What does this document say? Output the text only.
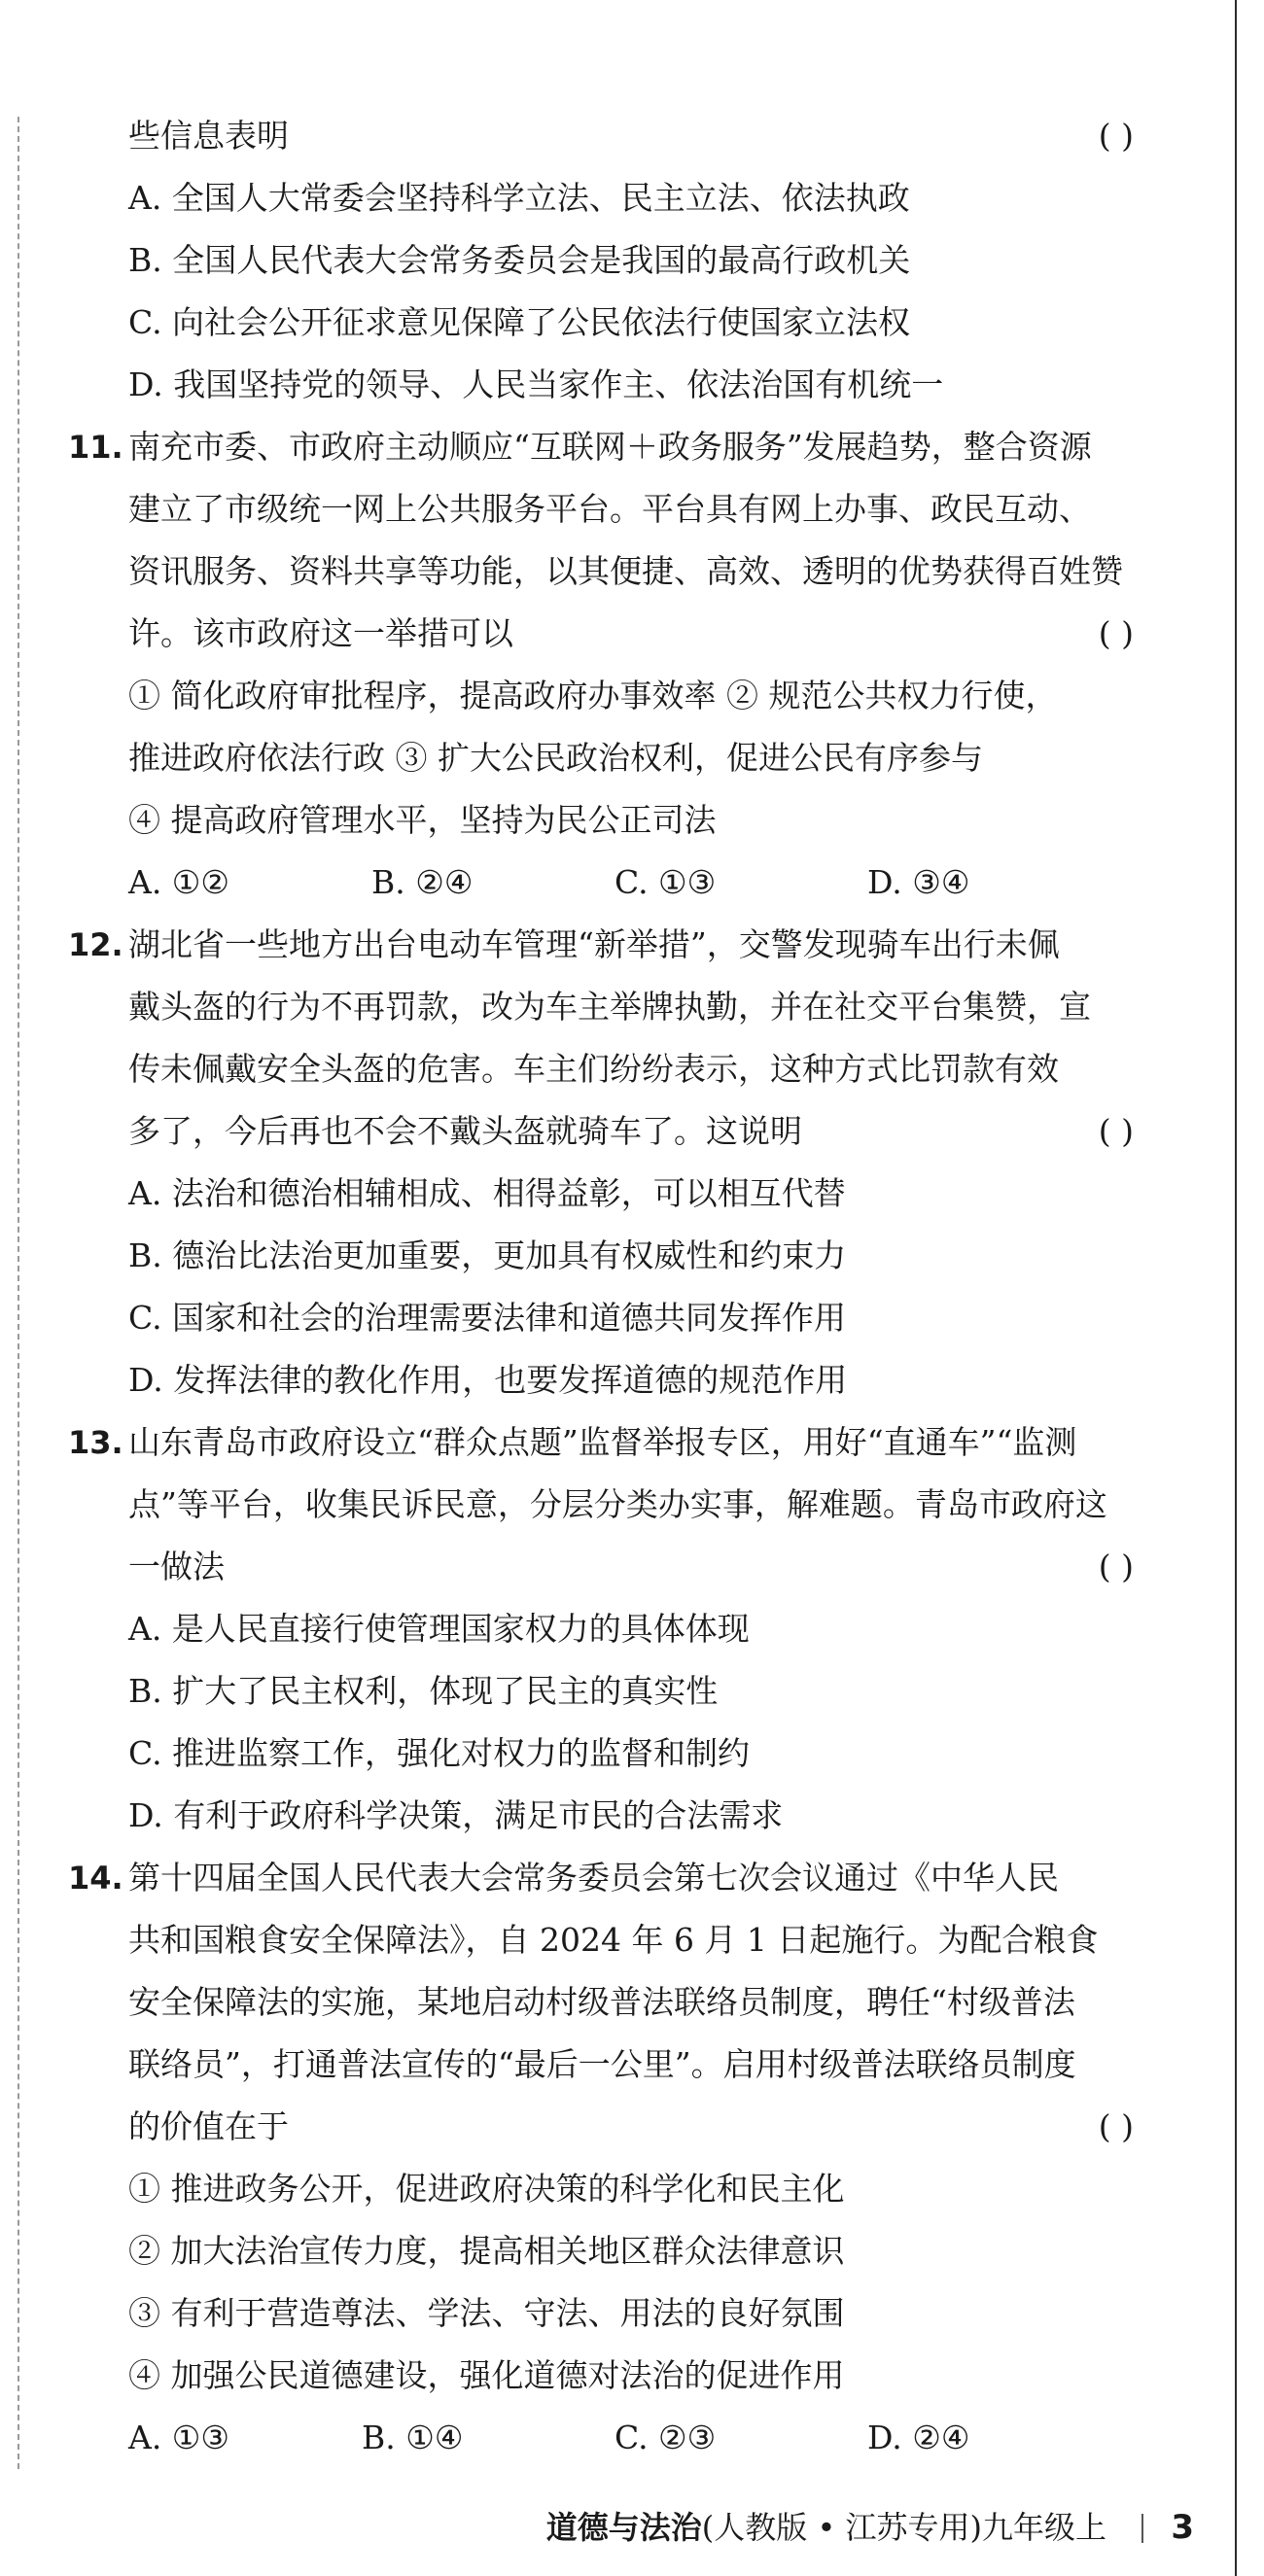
些信息表明	( )
A. 全国人大常委会坚持科学立法、民主立法、依法执政
B. 全国人民代表大会常务委员会是我国的最高行政机关
C. 向社会公开征求意见保障了公民依法行使国家立法权
D. 我国坚持党的领导、人民当家作主、依法治国有机统一
11. 南充市委、市政府主动顺应“互联网＋政务服务”发展趋势，整合资源
建立了市级统一网上公共服务平台。平台具有网上办事、政民互动、
资讯服务、资料共享等功能，以其便捷、高效、透明的优势获得百姓赞
许。该市政府这一举措可以	( )
① 简化政府审批程序，提高政府办事效率 ② 规范公共权力行使，
推进政府依法行政 ③ 扩大公民政治权利，促进公民有序参与
④ 提高政府管理水平，坚持为民公正司法
A. ①②	B. ②④	C. ①③	D. ③④
12. 湖北省一些地方出台电动车管理“新举措”，交警发现骑车出行未佩
戴头盔的行为不再罚款，改为车主举牌执勤，并在社交平台集赞，宣
传未佩戴安全头盔的危害。车主们纷纷表示，这种方式比罚款有效
多了，今后再也不会不戴头盔就骑车了。这说明	( )
A. 法治和德治相辅相成、相得益彰，可以相互代替
B. 德治比法治更加重要，更加具有权威性和约束力
C. 国家和社会的治理需要法律和道德共同发挥作用
D. 发挥法律的教化作用，也要发挥道德的规范作用
13. 山东青岛市政府设立“群众点题”监督举报专区，用好“直通车”“监测
点”等平台，收集民诉民意，分层分类办实事，解难题。青岛市政府这
一做法	( )
A. 是人民直接行使管理国家权力的具体体现
B. 扩大了民主权利，体现了民主的真实性
C. 推进监察工作，强化对权力的监督和制约
D. 有利于政府科学决策，满足市民的合法需求
14. 第十四届全国人民代表大会常务委员会第七次会议通过《中华人民
共和国粮食安全保障法》，自 2024 年 6 月 1 日起施行。为配合粮食
安全保障法的实施，某地启动村级普法联络员制度，聘任“村级普法
联络员”，打通普法宣传的“最后一公里”。启用村级普法联络员制度
的价值在于	( )
① 推进政务公开，促进政府决策的科学化和民主化
② 加大法治宣传力度，提高相关地区群众法律意识
③ 有利于营造尊法、学法、守法、用法的良好氛围
④ 加强公民道德建设，强化道德对法治的促进作用
A. ①③	B. ①④	C. ②③	D. ②④
道德与法治(人教版 • 江苏专用)九年级上 3
